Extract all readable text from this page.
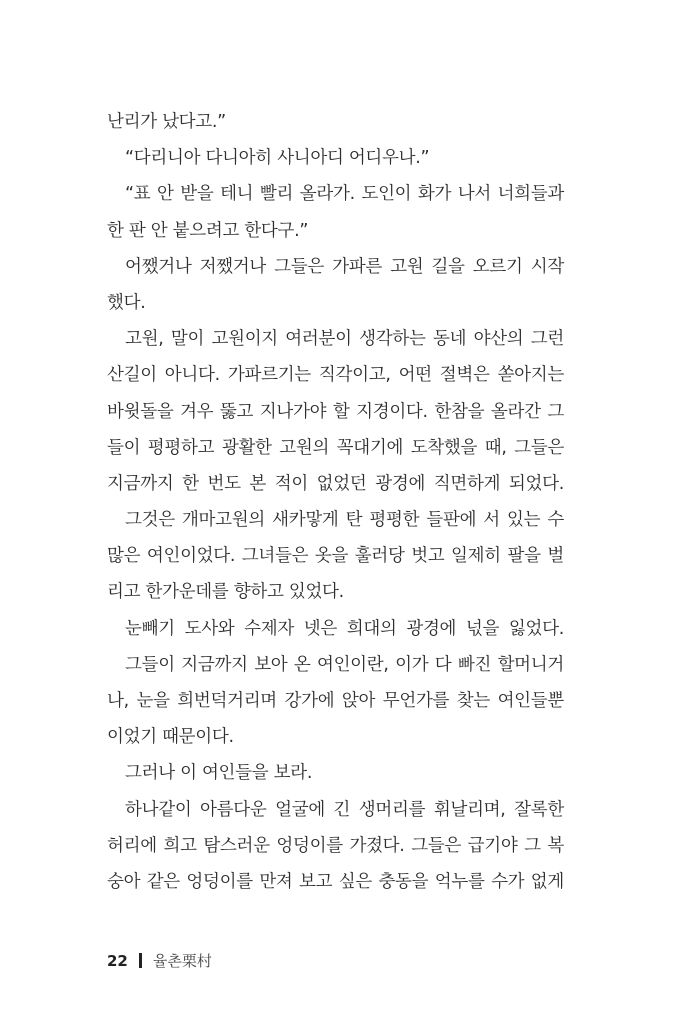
난리가 났다고.”
“다리니아 다니아히 사니아디 어디우나.”
“표 안 받을 테니 빨리 올라가. 도인이 화가 나서 너희들과
한 판 안 붙으려고 한다구.”
어쨌거나 저쨌거나 그들은 가파른 고원 길을 오르기 시작
했다.
고원, 말이 고원이지 여러분이 생각하는 동네 야산의 그런
산길이 아니다. 가파르기는 직각이고, 어떤 절벽은 쏟아지는
바윗돌을 겨우 뚫고 지나가야 할 지경이다. 한참을 올라간 그
들이 평평하고 광활한 고원의 꼭대기에 도착했을 때, 그들은
지금까지 한 번도 본 적이 없었던 광경에 직면하게 되었다.
그것은 개마고원의 새카맣게 탄 평평한 들판에 서 있는 수
많은 여인이었다. 그녀들은 옷을 훌러당 벗고 일제히 팔을 벌
리고 한가운데를 향하고 있었다.
눈빼기 도사와 수제자 넷은 희대의 광경에 넋을 잃었다.
그들이 지금까지 보아 온 여인이란, 이가 다 빠진 할머니거
나, 눈을 희번덕거리며 강가에 앉아 무언가를 찾는 여인들뿐
이었기 때문이다.
그러나 이 여인들을 보라.
하나같이 아름다운 얼굴에 긴 생머리를 휘날리며, 잘록한
허리에 희고 탐스러운 엉덩이를 가졌다. 그들은 급기야 그 복
숭아 같은 엉덩이를 만져 보고 싶은 충동을 억누를 수가 없게
22 율촌栗村
